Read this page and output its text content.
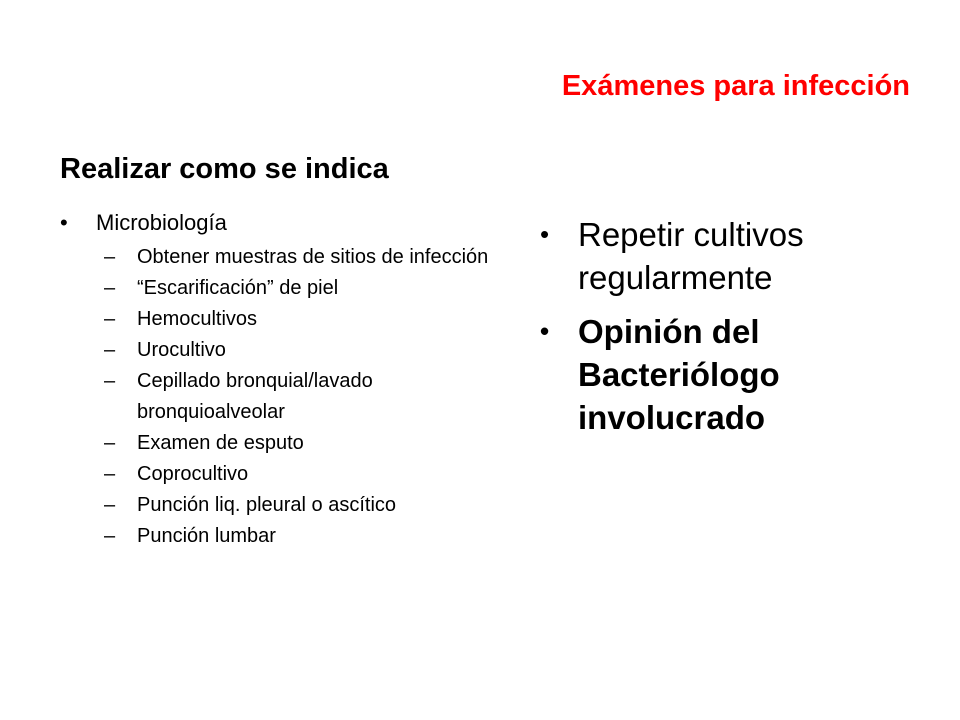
Exámenes para infección
Realizar como se indica
• Microbiología
– Obtener muestras de sitios de infección
– “Escarificación” de piel
– Hemocultivos
– Urocultivo
– Cepillado bronquial/lavado bronquioalveolar
– Examen de esputo
– Coprocultivo
– Punción liq. pleural o ascítico
– Punción lumbar
• Repetir cultivos regularmente
• Opinión del Bacteriólogo involucrado
